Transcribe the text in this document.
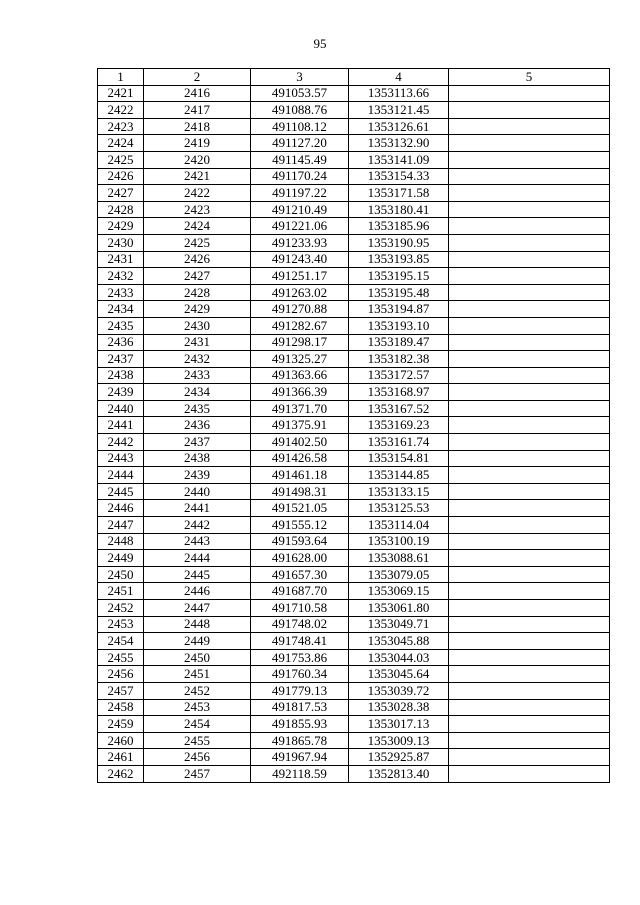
95
1	2	3	4	5
2421	2416	491053.57	1353113.66	
2422	2417	491088.76	1353121.45	
2423	2418	491108.12	1353126.61	
2424	2419	491127.20	1353132.90	
2425	2420	491145.49	1353141.09	
2426	2421	491170.24	1353154.33	
2427	2422	491197.22	1353171.58	
2428	2423	491210.49	1353180.41	
2429	2424	491221.06	1353185.96	
2430	2425	491233.93	1353190.95	
2431	2426	491243.40	1353193.85	
2432	2427	491251.17	1353195.15	
2433	2428	491263.02	1353195.48	
2434	2429	491270.88	1353194.87	
2435	2430	491282.67	1353193.10	
2436	2431	491298.17	1353189.47	
2437	2432	491325.27	1353182.38	
2438	2433	491363.66	1353172.57	
2439	2434	491366.39	1353168.97	
2440	2435	491371.70	1353167.52	
2441	2436	491375.91	1353169.23	
2442	2437	491402.50	1353161.74	
2443	2438	491426.58	1353154.81	
2444	2439	491461.18	1353144.85	
2445	2440	491498.31	1353133.15	
2446	2441	491521.05	1353125.53	
2447	2442	491555.12	1353114.04	
2448	2443	491593.64	1353100.19	
2449	2444	491628.00	1353088.61	
2450	2445	491657.30	1353079.05	
2451	2446	491687.70	1353069.15	
2452	2447	491710.58	1353061.80	
2453	2448	491748.02	1353049.71	
2454	2449	491748.41	1353045.88	
2455	2450	491753.86	1353044.03	
2456	2451	491760.34	1353045.64	
2457	2452	491779.13	1353039.72	
2458	2453	491817.53	1353028.38	
2459	2454	491855.93	1353017.13	
2460	2455	491865.78	1353009.13	
2461	2456	491967.94	1352925.87	
2462	2457	492118.59	1352813.40	
